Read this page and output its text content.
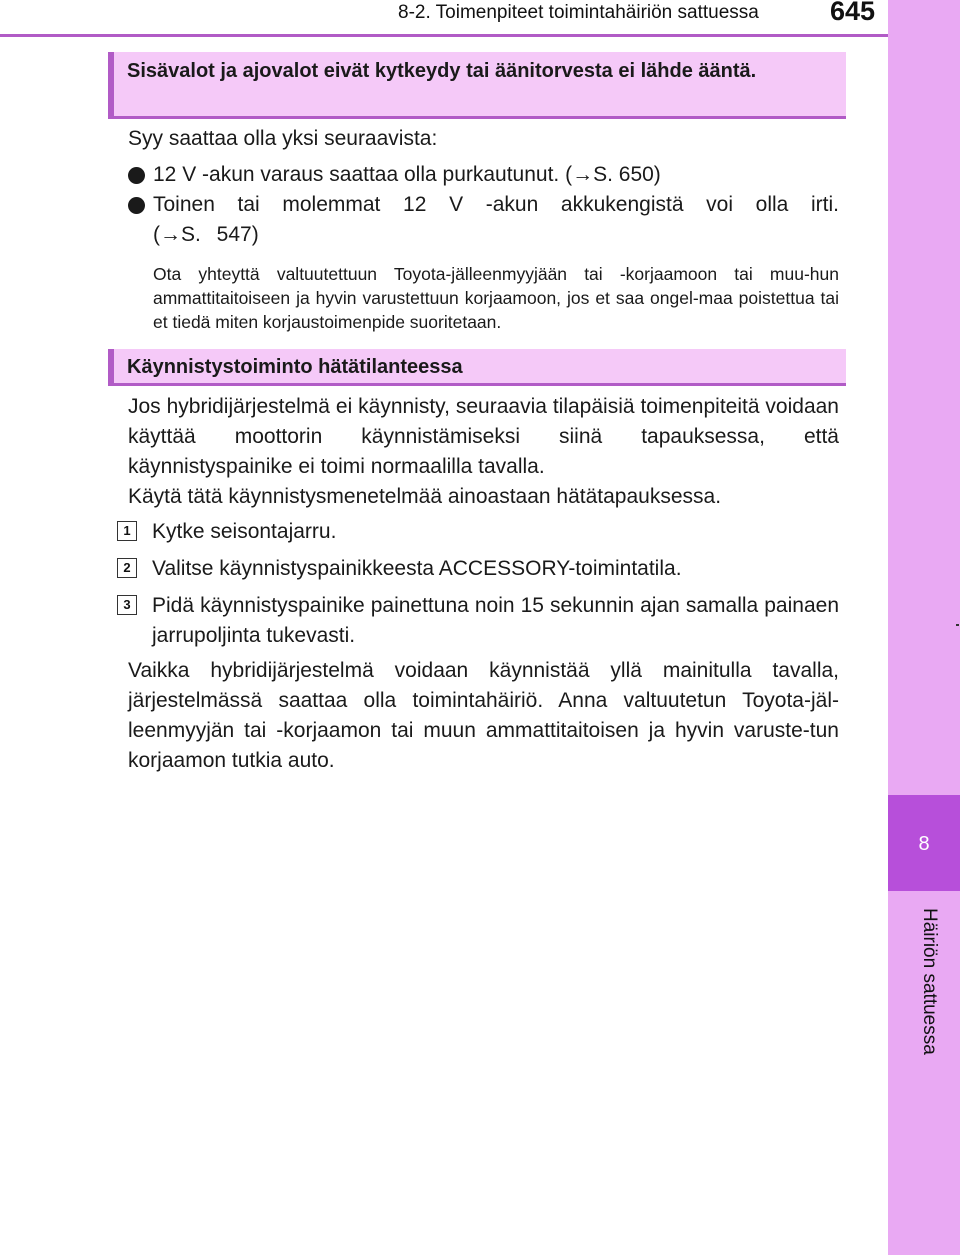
8-2. Toimenpiteet toimintahäiriön sattuessa	645
8
Häiriön sattuessa
Sisävalot ja ajovalot eivät kytkeydy tai äänitorvesta ei lähde ääntä.
Syy saattaa olla yksi seuraavista:
12 V -akun varaus saattaa olla purkautunut. (→S. 650)
Toinen tai molemmat 12 V -akun akkukengistä voi olla irti. (→S. 547)
Ota yhteyttä valtuutettuun Toyota-jälleenmyyjään tai -korjaamoon tai muu-hun ammattitaitoiseen ja hyvin varustettuun korjaamoon, jos et saa ongel-maa poistettua tai et tiedä miten korjaustoimenpide suoritetaan.
Käynnistystoiminto hätätilanteessa
Jos hybridijärjestelmä ei käynnisty, seuraavia tilapäisiä toimenpiteitä voidaan käyttää moottorin käynnistämiseksi siinä tapauksessa, että käynnistyspainike ei toimi normaalilla tavalla.
Käytä tätä käynnistysmenetelmää ainoastaan hätätapauksessa.
1	Kytke seisontajarru.
2	Valitse käynnistyspainikkeesta ACCESSORY-toimintatila.
3	Pidä käynnistyspainike painettuna noin 15 sekunnin ajan samalla painaen jarrupoljinta tukevasti.
Vaikka hybridijärjestelmä voidaan käynnistää yllä mainitulla tavalla, järjestelmässä saattaa olla toimintahäiriö. Anna valtuutetun Toyota-jäl-leenmyyjän tai -korjaamon tai muun ammattitaitoisen ja hyvin varuste-tun korjaamon tutkia auto.
